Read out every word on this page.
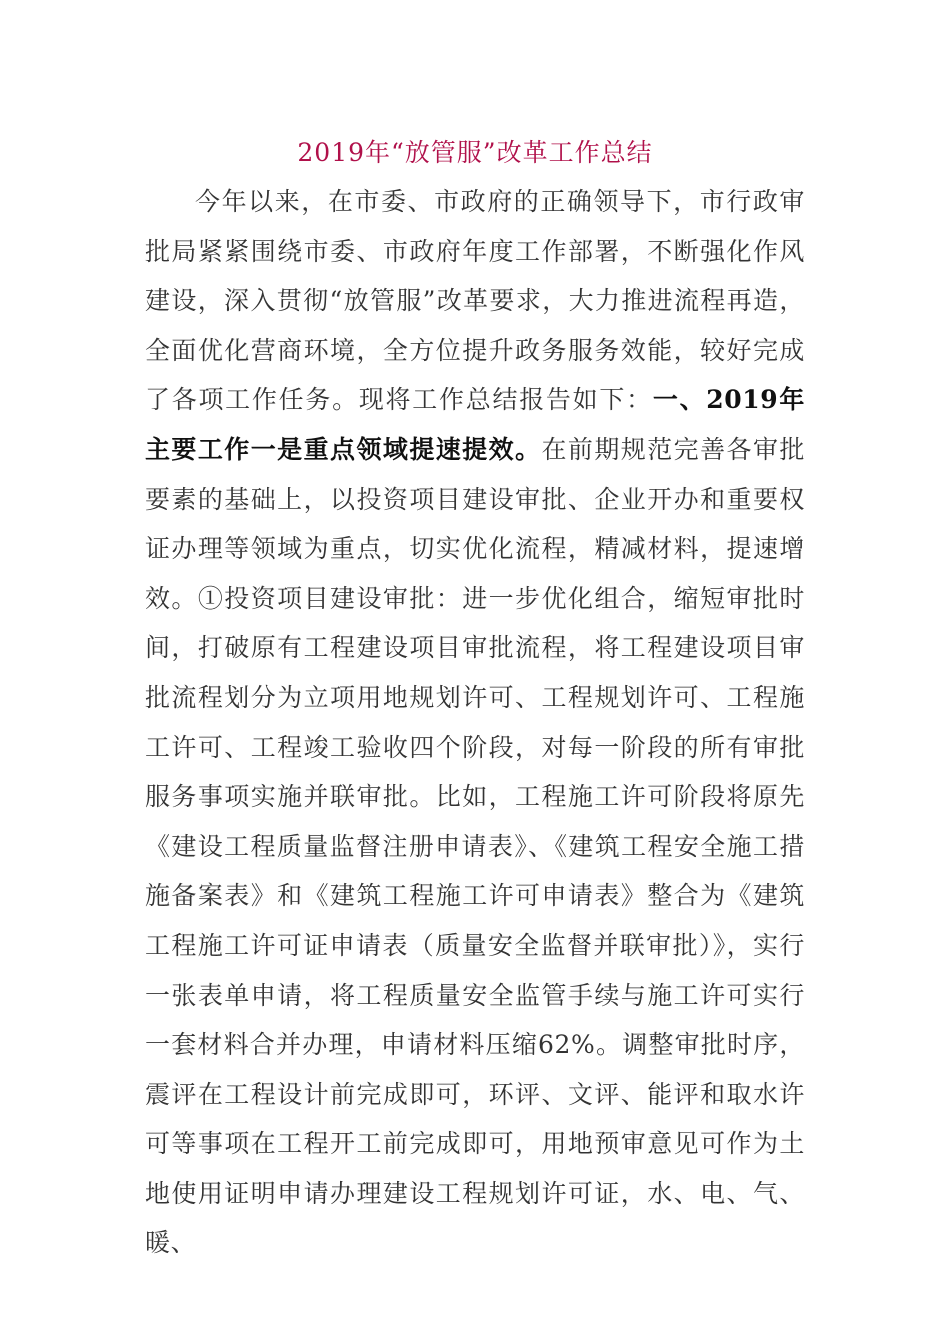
2019年“放管服”改革工作总结

今年以来，在市委、市政府的正确领导下，市行政审批局紧紧围绕市委、市政府年度工作部署，不断强化作风建设，深入贯彻“放管服”改革要求，大力推进流程再造，全面优化营商环境，全方位提升政务服务效能，较好完成了各项工作任务。现将工作总结报告如下：一、2019年主要工作一是重点领域提速提效。在前期规范完善各审批要素的基础上，以投资项目建设审批、企业开办和重要权证办理等领域为重点，切实优化流程，精减材料，提速增效。①投资项目建设审批：进一步优化组合，缩短审批时间，打破原有工程建设项目审批流程，将工程建设项目审批流程划分为立项用地规划许可、工程规划许可、工程施工许可、工程竣工验收四个阶段，对每一阶段的所有审批服务事项实施并联审批。比如，工程施工许可阶段将原先《建设工程质量监督注册申请表》、《建筑工程安全施工措施备案表》和《建筑工程施工许可申请表》整合为《建筑工程施工许可证申请表（质量安全监督并联审批）》，实行一张表单申请，将工程质量安全监管手续与施工许可实行一套材料合并办理，申请材料压缩62%。调整审批时序，震评在工程设计前完成即可，环评、文评、能评和取水许可等事项在工程开工前完成即可，用地预审意见可作为土地使用证明申请办理建设工程规划许可证，水、电、气、暖、
